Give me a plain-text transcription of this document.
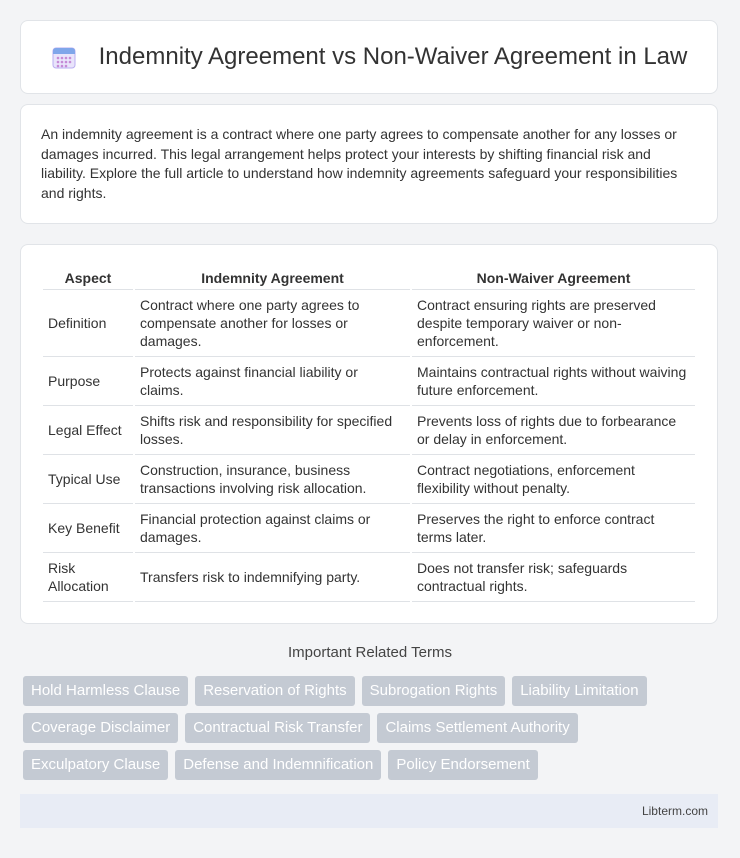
Indemnity Agreement vs Non-Waiver Agreement in Law
An indemnity agreement is a contract where one party agrees to compensate another for any losses or damages incurred. This legal arrangement helps protect your interests by shifting financial risk and liability. Explore the full article to understand how indemnity agreements safeguard your responsibilities and rights.
Aspect	Indemnity Agreement	Non-Waiver Agreement
Definition	Contract where one party agrees to compensate another for losses or damages.	Contract ensuring rights are preserved despite temporary waiver or non-enforcement.
Purpose	Protects against financial liability or claims.	Maintains contractual rights without waiving future enforcement.
Legal Effect	Shifts risk and responsibility for specified losses.	Prevents loss of rights due to forbearance or delay in enforcement.
Typical Use	Construction, insurance, business transactions involving risk allocation.	Contract negotiations, enforcement flexibility without penalty.
Key Benefit	Financial protection against claims or damages.	Preserves the right to enforce contract terms later.
Risk Allocation	Transfers risk to indemnifying party.	Does not transfer risk; safeguards contractual rights.
Important Related Terms
Hold Harmless Clause	Reservation of Rights	Subrogation Rights	Liability Limitation
Coverage Disclaimer	Contractual Risk Transfer	Claims Settlement Authority
Exculpatory Clause	Defense and Indemnification	Policy Endorsement
Libterm.com
